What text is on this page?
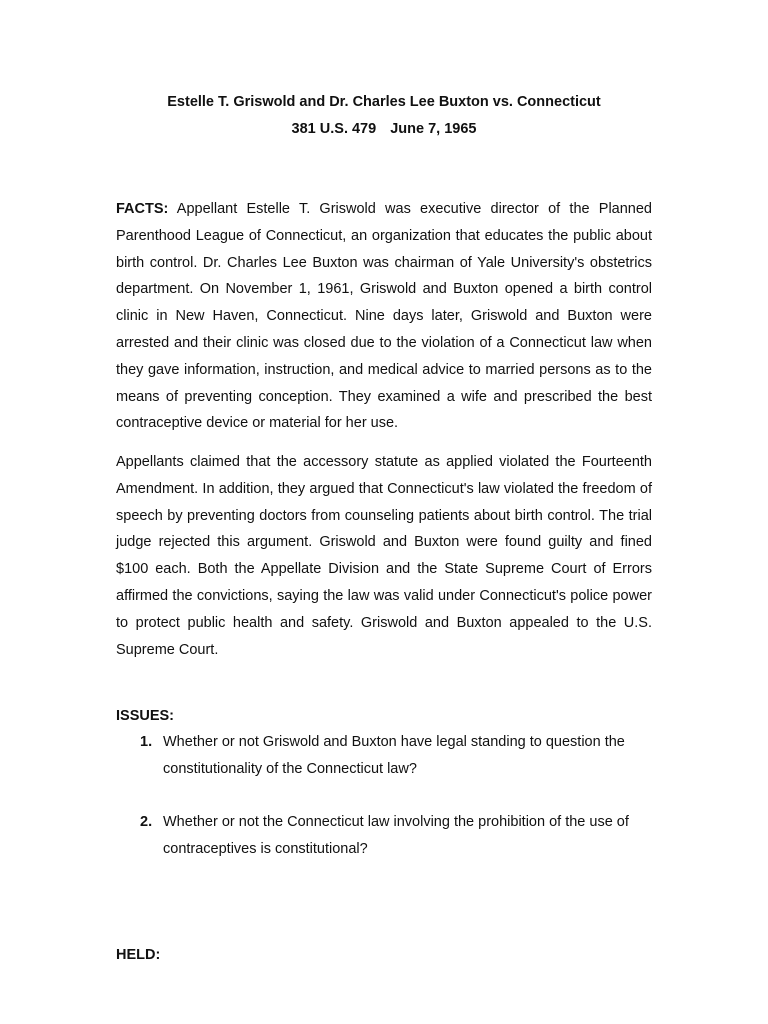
Estelle T. Griswold and Dr. Charles Lee Buxton vs. Connecticut
381 U.S. 479 June 7, 1965

FACTS: Appellant Estelle T. Griswold was executive director of the Planned Parenthood League of Connecticut, an organization that educates the public about birth control. Dr. Charles Lee Buxton was chairman of Yale University's obstetrics department. On November 1, 1961, Griswold and Buxton opened a birth control clinic in New Haven, Connecticut. Nine days later, Griswold and Buxton were arrested and their clinic was closed due to the violation of a Connecticut law when they gave information, instruction, and medical advice to married persons as to the means of preventing conception. They examined a wife and prescribed the best contraceptive device or material for her use.

Appellants claimed that the accessory statute as applied violated the Fourteenth Amendment. In addition, they argued that Connecticut's law violated the freedom of speech by preventing doctors from counseling patients about birth control. The trial judge rejected this argument. Griswold and Buxton were found guilty and fined $100 each. Both the Appellate Division and the State Supreme Court of Errors affirmed the convictions, saying the law was valid under Connecticut's police power to protect public health and safety. Griswold and Buxton appealed to the U.S. Supreme Court.

ISSUES:
1. Whether or not Griswold and Buxton have legal standing to question the constitutionality of the Connecticut law?

2. Whether or not the Connecticut law involving the prohibition of the use of contraceptives is constitutional?

HELD:
